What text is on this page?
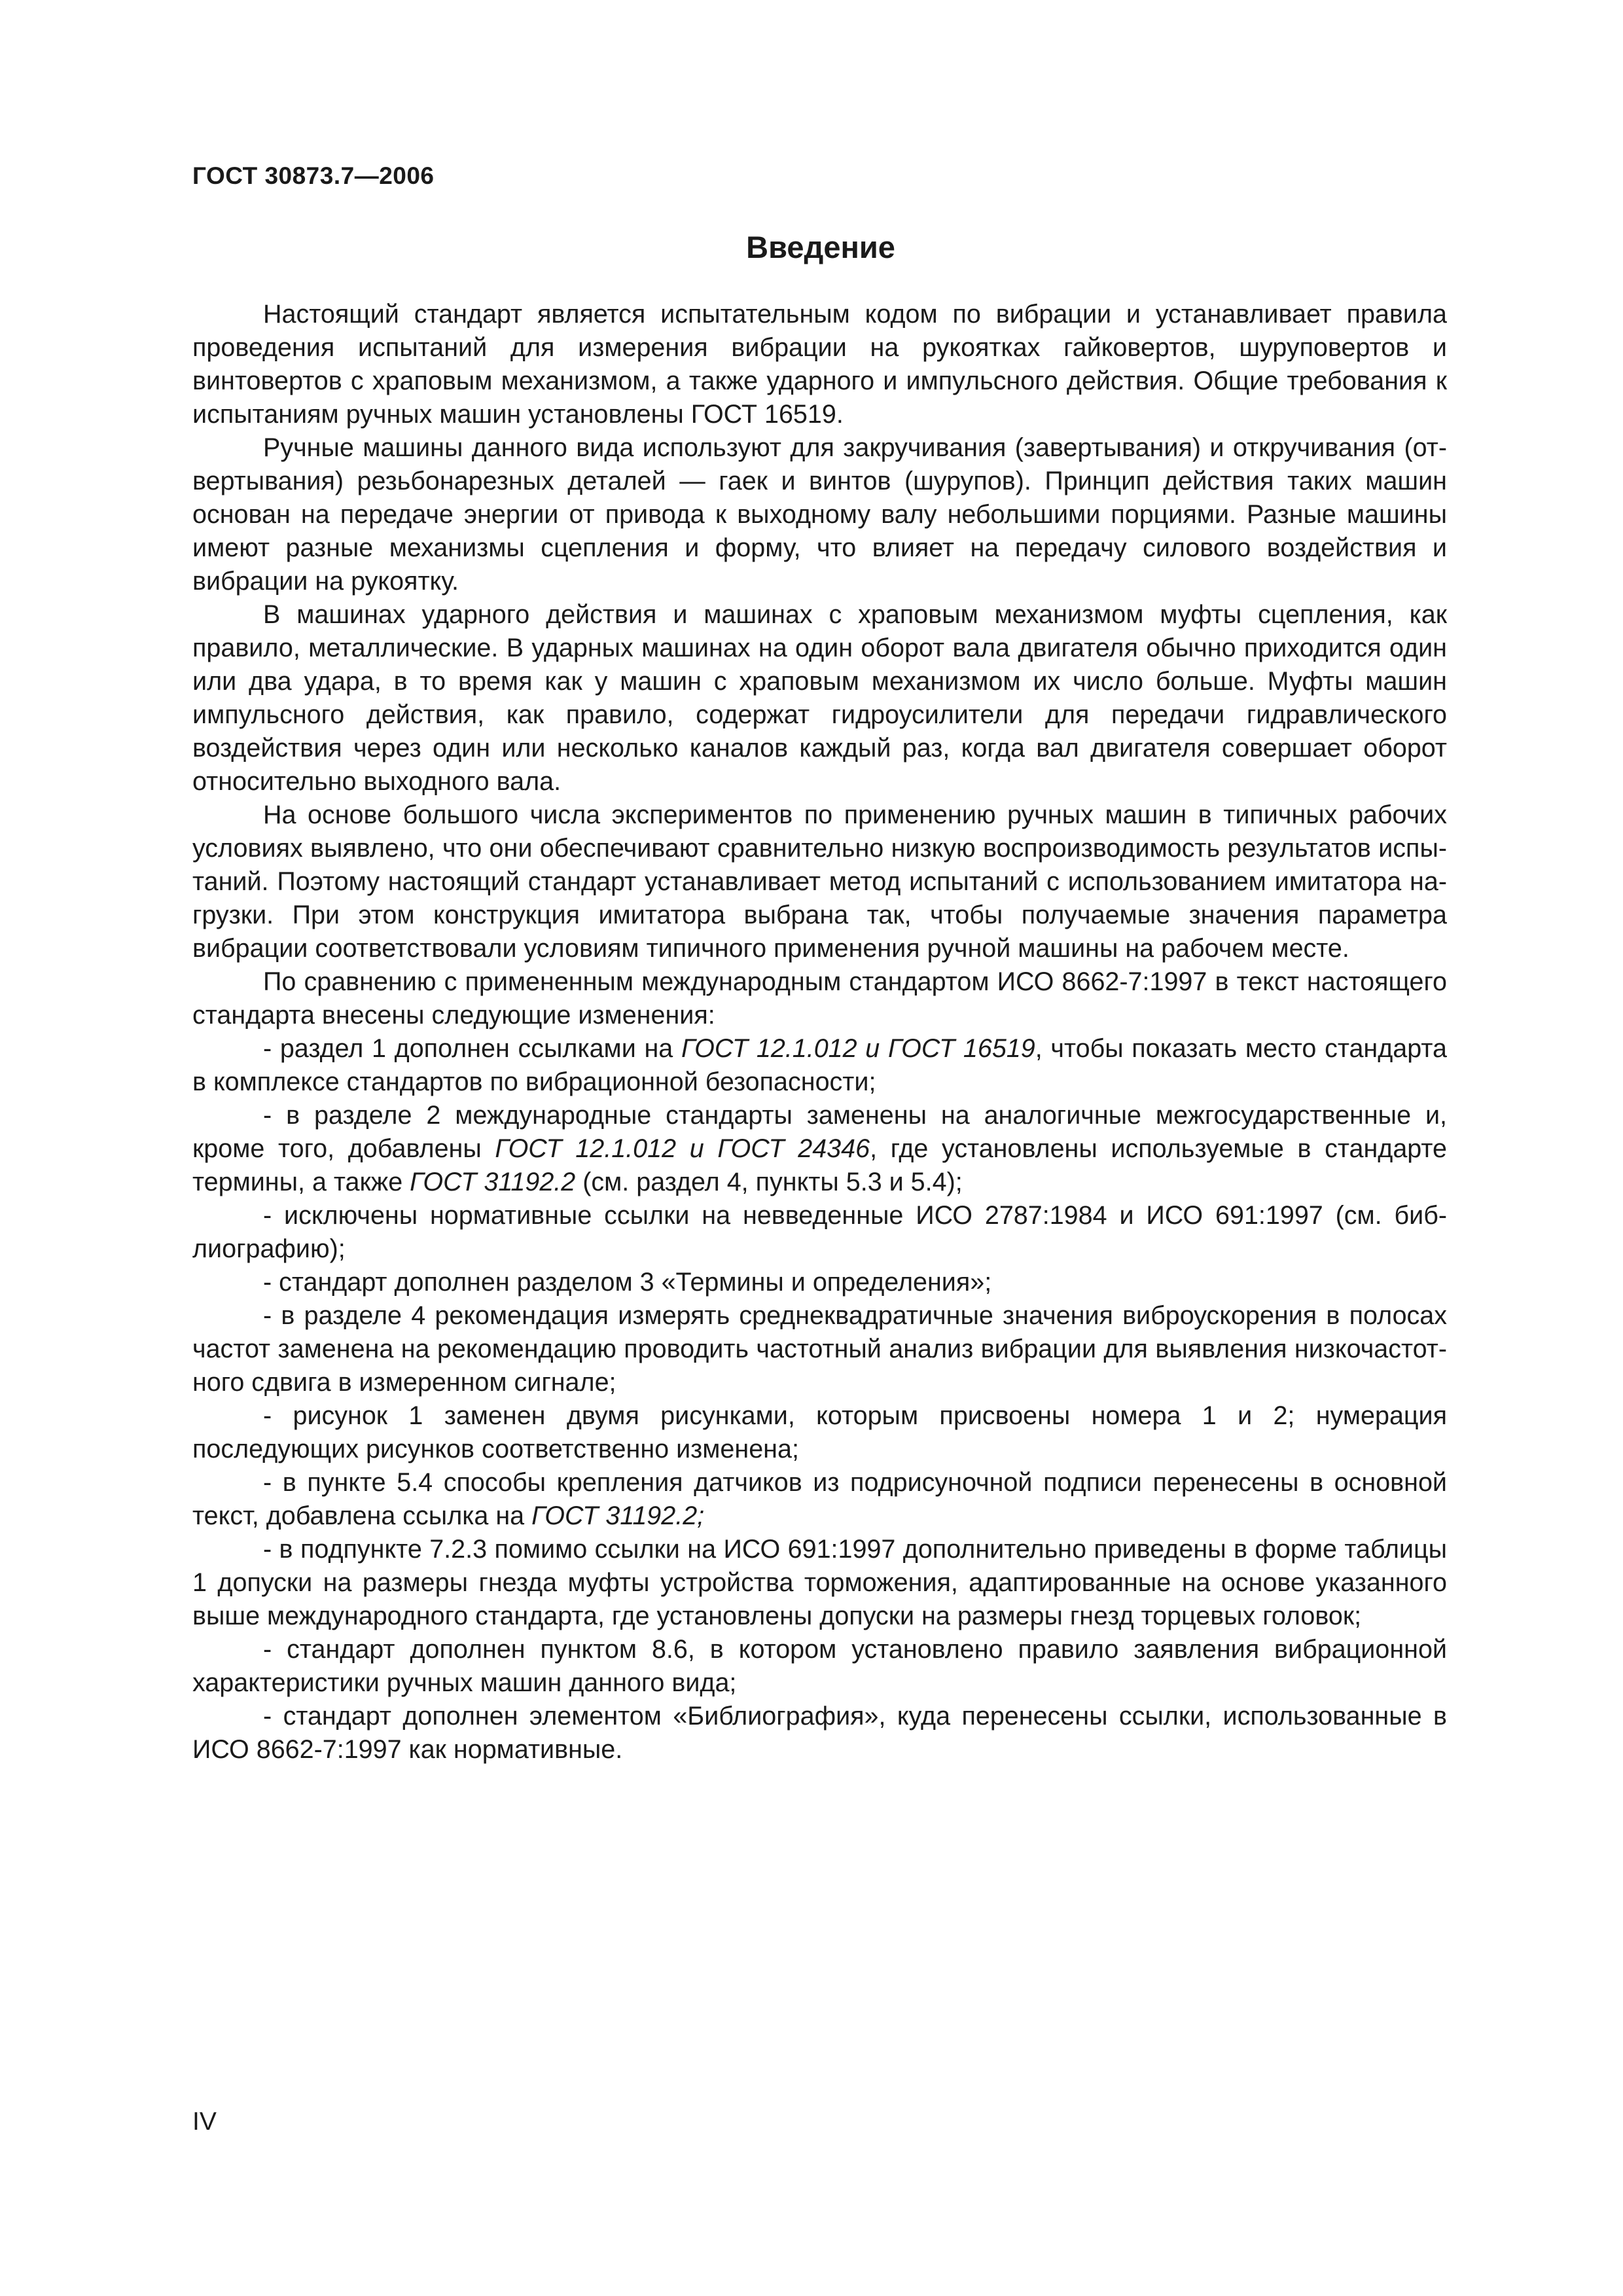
ГОСТ 30873.7—2006
Введение

Настоящий стандарт является испытательным кодом по вибрации и устанавливает правила проведения испытаний для измерения вибрации на рукоятках гайковертов, шуруповертов и винтовертов с храповым механизмом, а также ударного и импульсного действия. Общие требования к испытаниям ручных машин установлены ГОСТ 16519.

Ручные машины данного вида используют для закручивания (завертывания) и откручивания (отвертывания) резьбонарезных деталей — гаек и винтов (шурупов). Принцип действия таких машин основан на передаче энергии от привода к выходному валу небольшими порциями. Разные машины имеют разные механизмы сцепления и форму, что влияет на передачу силового воздействия и вибрации на рукоятку.

В машинах ударного действия и машинах с храповым механизмом муфты сцепления, как правило, металлические. В ударных машинах на один оборот вала двигателя обычно приходится один или два удара, в то время как у машин с храповым механизмом их число больше. Муфты машин импульсного действия, как правило, содержат гидроусилители для передачи гидравлического воздействия через один или несколько каналов каждый раз, когда вал двигателя совершает оборот относительно выходного вала.

На основе большого числа экспериментов по применению ручных машин в типичных рабочих условиях выявлено, что они обеспечивают сравнительно низкую воспроизводимость результатов испытаний. Поэтому настоящий стандарт устанавливает метод испытаний с использованием имитатора нагрузки. При этом конструкция имитатора выбрана так, чтобы получаемые значения параметра вибрации соответствовали условиям типичного применения ручной машины на рабочем месте.

По сравнению с примененным международным стандартом ИСО 8662-7:1997 в текст настоящего стандарта внесены следующие изменения:

- раздел 1 дополнен ссылками на ГОСТ 12.1.012 и ГОСТ 16519, чтобы показать место стандарта в комплексе стандартов по вибрационной безопасности;

- в разделе 2 международные стандарты заменены на аналогичные межгосударственные и, кроме того, добавлены ГОСТ 12.1.012 и ГОСТ 24346, где установлены используемые в стандарте термины, а также ГОСТ 31192.2 (см. раздел 4, пункты 5.3 и 5.4);

- исключены нормативные ссылки на невведенные ИСО 2787:1984 и ИСО 691:1997 (см. библиографию);

- стандарт дополнен разделом 3 «Термины и определения»;

- в разделе 4 рекомендация измерять среднеквадратичные значения виброускорения в полосах частот заменена на рекомендацию проводить частотный анализ вибрации для выявления низкочастотного сдвига в измеренном сигнале;

- рисунок 1 заменен двумя рисунками, которым присвоены номера 1 и 2; нумерация последующих рисунков соответственно изменена;

- в пункте 5.4 способы крепления датчиков из подрисуночной подписи перенесены в основной текст, добавлена ссылка на ГОСТ 31192.2;

- в подпункте 7.2.3 помимо ссылки на ИСО 691:1997 дополнительно приведены в форме таблицы 1 допуски на размеры гнезда муфты устройства торможения, адаптированные на основе указанного выше международного стандарта, где установлены допуски на размеры гнезд торцевых головок;

- стандарт дополнен пунктом 8.6, в котором установлено правило заявления вибрационной характеристики ручных машин данного вида;

- стандарт дополнен элементом «Библиография», куда перенесены ссылки, использованные в ИСО 8662-7:1997 как нормативные.

IV
